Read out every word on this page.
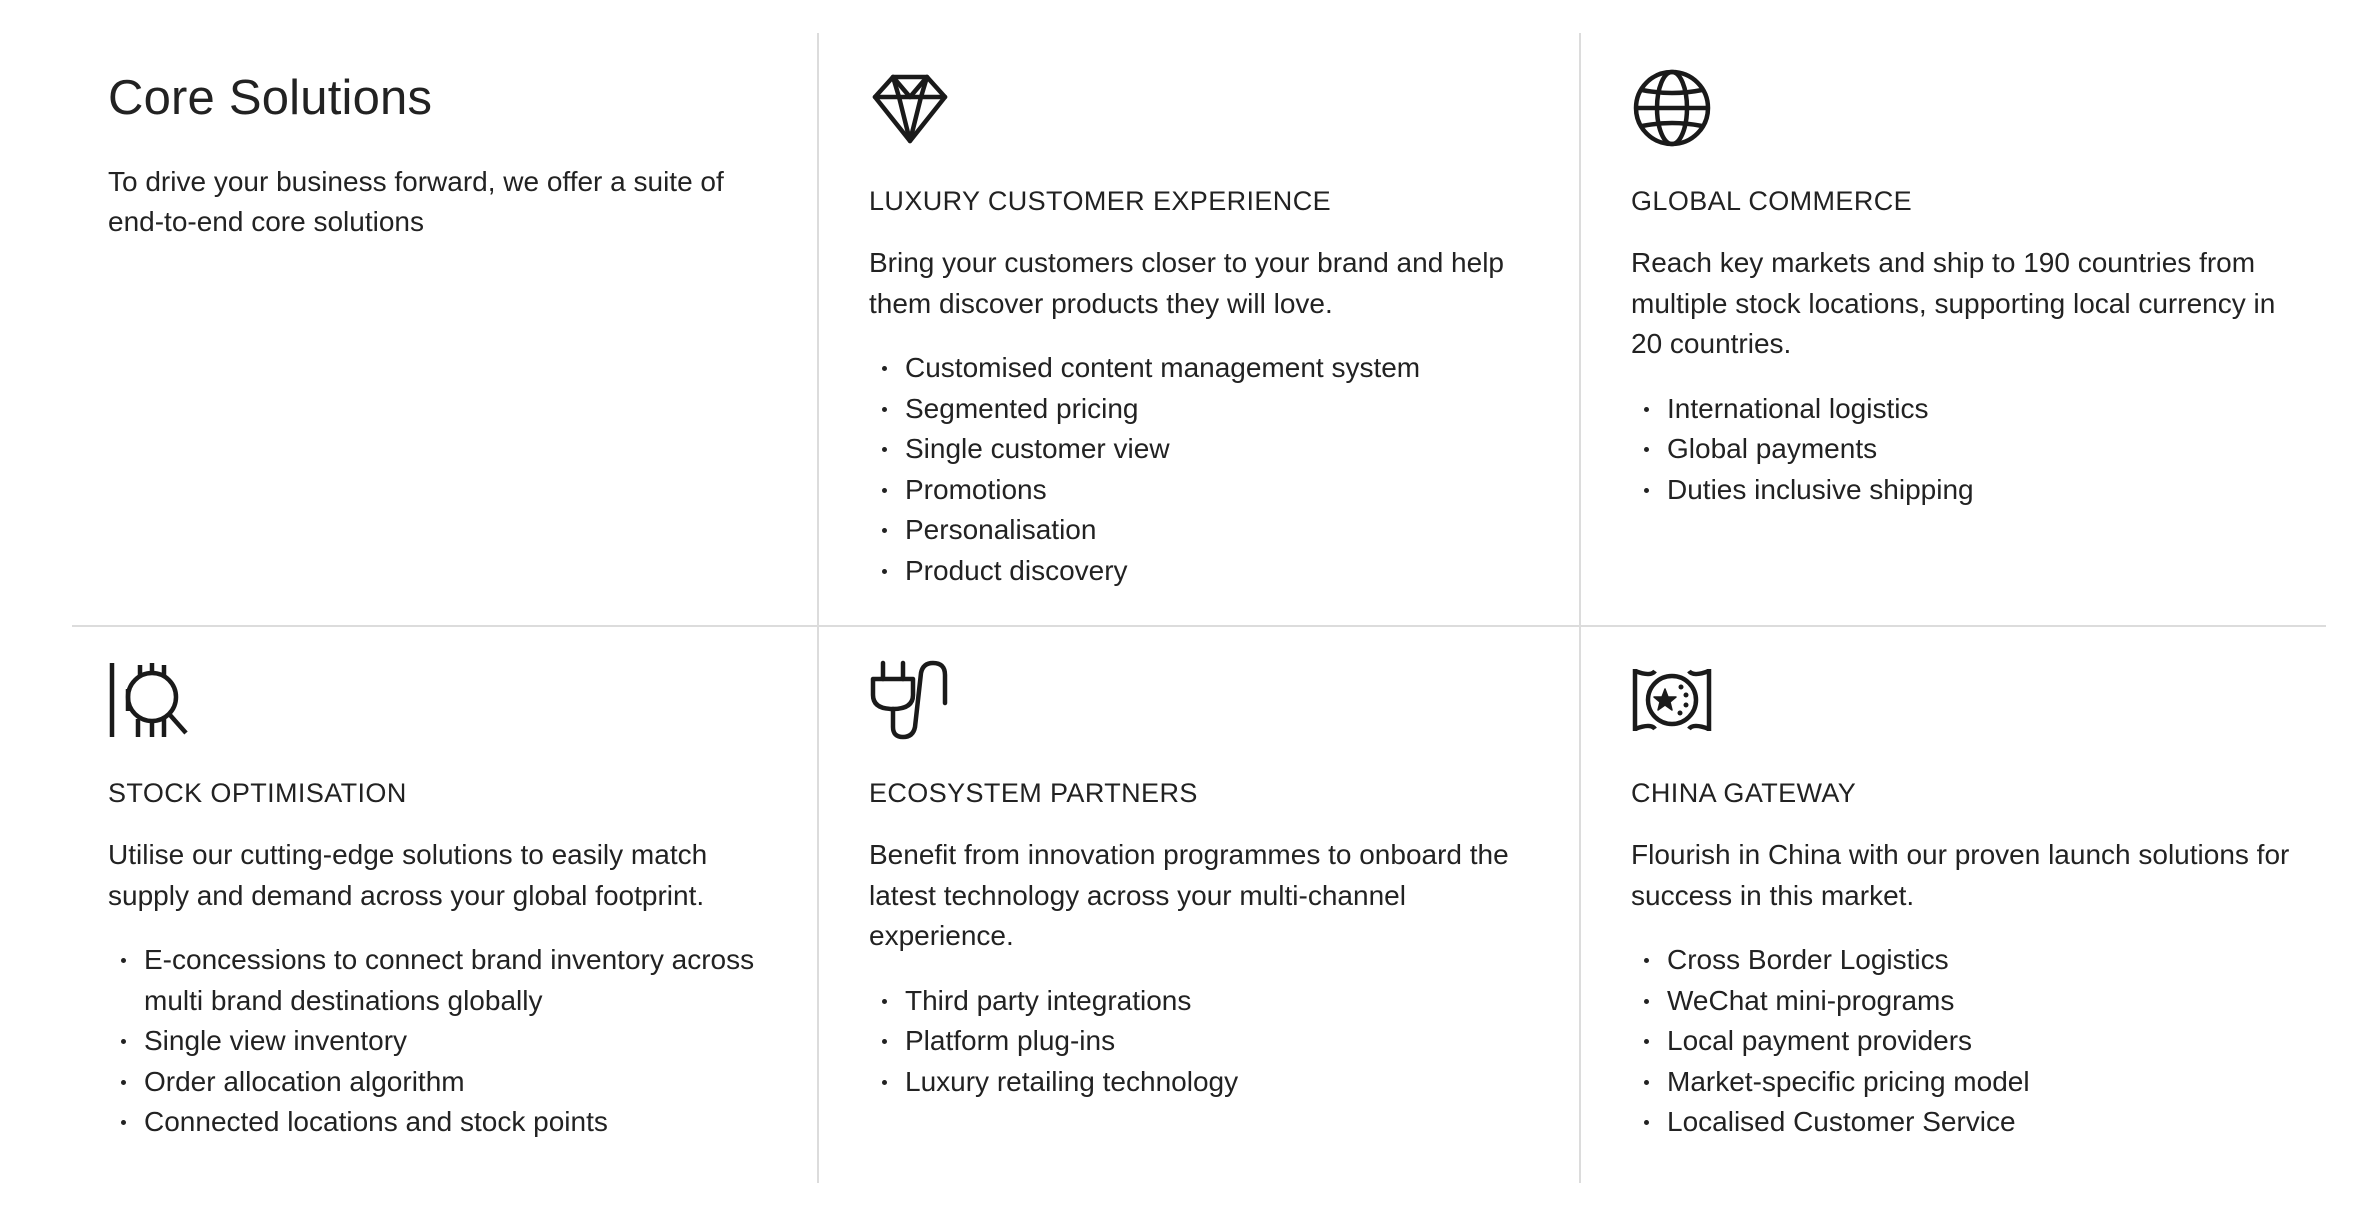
Core Solutions

To drive your business forward, we offer a suite of end-to-end core solutions

LUXURY CUSTOMER EXPERIENCE

Bring your customers closer to your brand and help them discover products they will love.

Customised content management system
Segmented pricing
Single customer view
Promotions
Personalisation
Product discovery
GLOBAL COMMERCE

Reach key markets and ship to 190 countries from multiple stock locations, supporting local currency in 20 countries.

International logistics
Global payments
Duties inclusive shipping
STOCK OPTIMISATION

Utilise our cutting-edge solutions to easily match supply and demand across your global footprint.

E-concessions to connect brand inventory across multi brand destinations globally
Single view inventory
Order allocation algorithm
Connected locations and stock points
ECOSYSTEM PARTNERS

Benefit from innovation programmes to onboard the latest technology across your multi-channel experience.

Third party integrations
Platform plug-ins
Luxury retailing technology
CHINA GATEWAY

Flourish in China with our proven launch solutions for success in this market.

Cross Border Logistics
WeChat mini-programs
Local payment providers
Market-specific pricing model
Localised Customer Service
